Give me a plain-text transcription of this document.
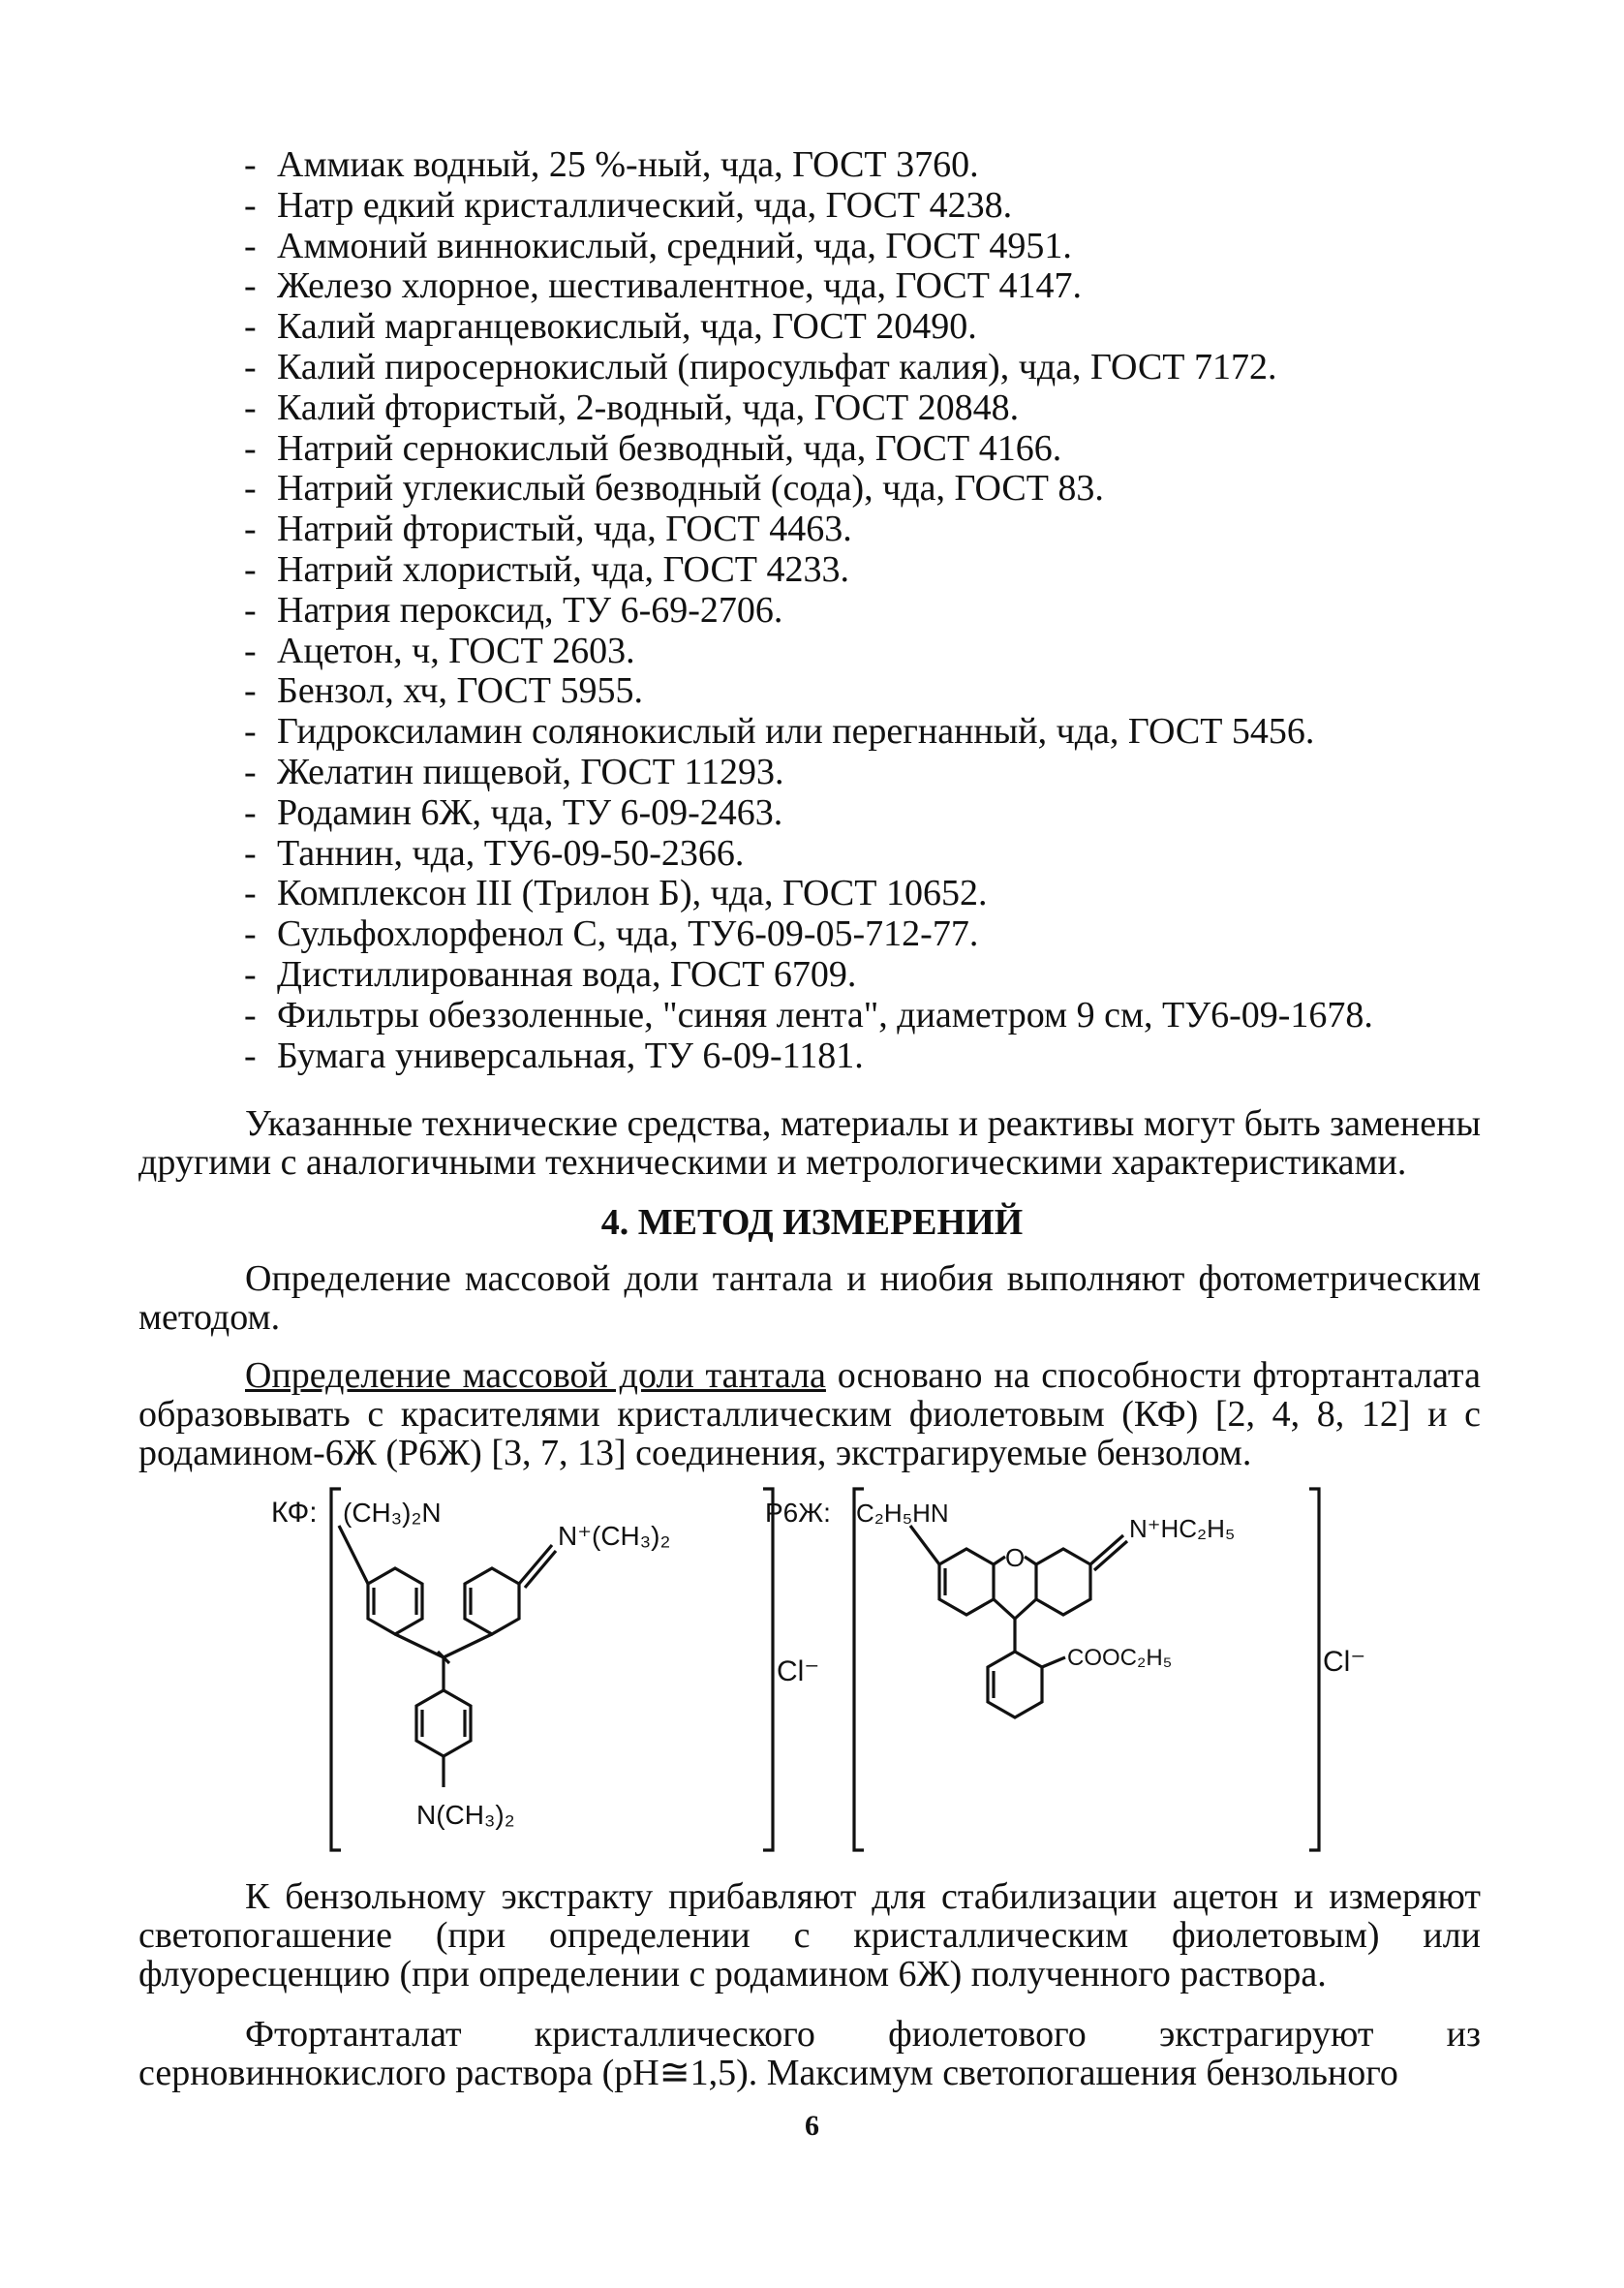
- Аммиак водный, 25 %-ный, чда, ГОСТ 3760.
- Натр едкий кристаллический, чда, ГОСТ 4238.
- Аммоний виннокислый, средний, чда, ГОСТ 4951.
- Железо хлорное, шестивалентное, чда, ГОСТ 4147.
- Калий марганцевокислый, чда, ГОСТ 20490.
- Калий пиросернокислый (пиросульфат калия), чда, ГОСТ 7172.
- Калий фтористый, 2-водный, чда, ГОСТ 20848.
- Натрий сернокислый безводный, чда, ГОСТ 4166.
- Натрий углекислый безводный (сода), чда, ГОСТ 83.
- Натрий фтористый, чда, ГОСТ 4463.
- Натрий хлористый, чда, ГОСТ 4233.
- Натрия пероксид, ТУ 6-69-2706.
- Ацетон, ч, ГОСТ 2603.
- Бензол, хч, ГОСТ 5955.
- Гидроксиламин солянокислый или перегнанный, чда, ГОСТ 5456.
- Желатин пищевой, ГОСТ 11293.
- Родамин 6Ж, чда, ТУ 6-09-2463.
- Таннин, чда, ТУ6-09-50-2366.
- Комплексон III (Трилон Б), чда, ГОСТ 10652.
- Сульфохлорфенол С, чда, ТУ6-09-05-712-77.
- Дистиллированная вода, ГОСТ 6709.
- Фильтры обеззоленные, "синяя лента", диаметром 9 см, ТУ6-09-1678.
- Бумага универсальная, ТУ 6-09-1181.

Указанные технические средства, материалы и реактивы могут быть заменены другими с аналогичными техническими и метрологическими характеристиками.

4. МЕТОД ИЗМЕРЕНИЙ

Определение массовой доли тантала и ниобия выполняют фотометрическим методом.

Определение массовой доли тантала основано на способности фтортанталата образовывать с красителями кристаллическим фиолетовым (КФ) [2, 4, 8, 12] и с родамином-6Ж (Р6Ж) [3, 7, 13] соединения, экстрагируемые бензолом.

КФ: (CH₃)₂N
N⁺(CH₃)₂
N(CH₃)₂
Cl⁻
Р6Ж: C₂H₅HN
O
N⁺HC₂H₅
COOC₂H₅	Cl⁻

К бензольному экстракту прибавляют для стабилизации ацетон и измеряют светопогашение (при определении с кристаллическим фиолетовым) или флуоресценцию (при определении с родамином 6Ж) полученного раствора.

Фтортанталат кристаллического фиолетового экстрагируют из серновиннокислого раствора (pH≅1,5). Максимум светопогашения бензольного

6
